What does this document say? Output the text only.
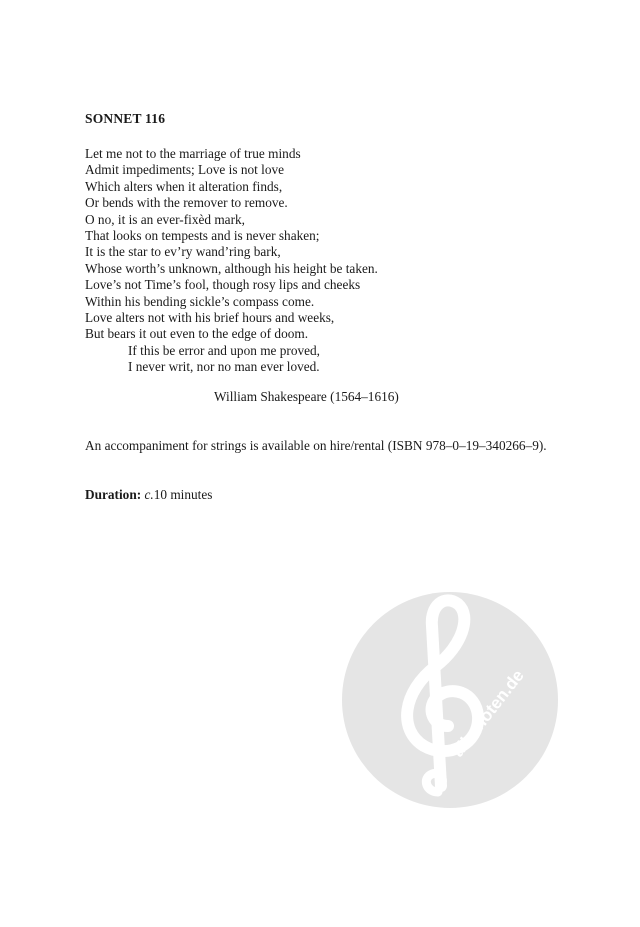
SONNET 116
Let me not to the marriage of true minds
Admit impediments; Love is not love
Which alters when it alteration finds,
Or bends with the remover to remove.
O no, it is an ever-fixèd mark,
That looks on tempests and is never shaken;
It is the star to ev’ry wand’ring bark,
Whose worth’s unknown, although his height be taken.
Love’s not Time’s fool, though rosy lips and cheeks
Within his bending sickle’s compass come.
Love alters not with his brief hours and weeks,
But bears it out even to the edge of doom.
If this be error and upon me proved,
I never writ, nor no man ever loved.
William Shakespeare (1564–1616)
An accompaniment for strings is available on hire/rental (ISBN 978–0–19–340266–9).
Duration: c.10 minutes
alle-noten.de
